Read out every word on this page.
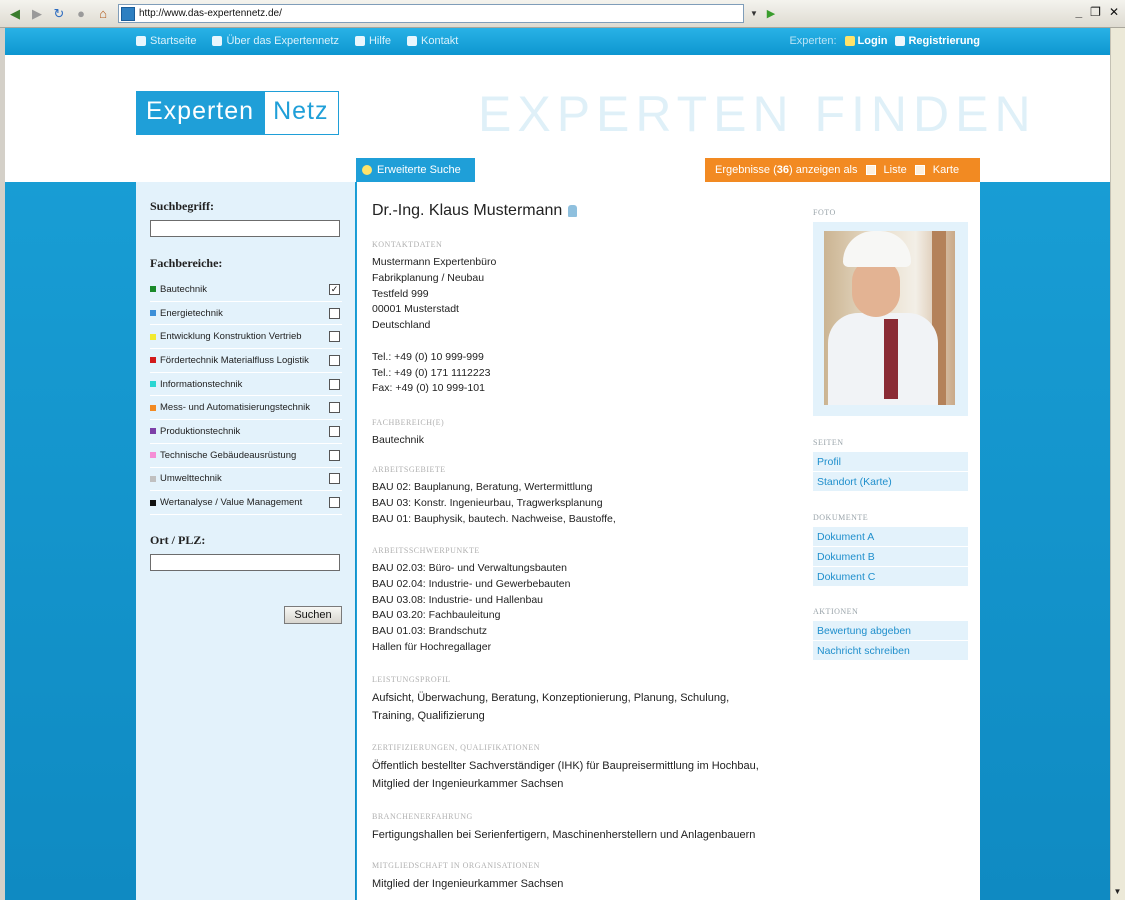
◀ ▶ ↻ ●	⌂	http://www.das-expertennetz.de/	▼ ▶	_ ❐ ✕
Startseite	Über das Expertennetz	Hilfe	Kontakt	Experten: Login Registrierung
Experten Netz	EXPERTEN FINDEN
Erweiterte Suche	Ergebnisse (36) anzeigen als Liste Karte
Suchbegriff:
Fachbereiche:
Bautechnik	✓
Energietechnik
Entwicklung Konstruktion Vertrieb
Fördertechnik Materialfluss Logistik
Informationstechnik
Mess- und Automatisierungstechnik
Produktionstechnik
Technische Gebäudeausrüstung
Umwelttechnik
Wertanalyse / Value Management
Ort / PLZ:
Suchen
Dr.-Ing. Klaus Mustermann
KONTAKTDATEN
Mustermann Expertenbüro
Fabrikplanung / Neubau
Testfeld 999
00001 Musterstadt
Deutschland

Tel.: +49 (0) 10 999-999
Tel.: +49 (0) 171 1112223
Fax: +49 (0) 10 999-101
FACHBEREICH(E)
Bautechnik
ARBEITSGEBIETE
BAU 02: Bauplanung, Beratung, Wertermittlung
BAU 03: Konstr. Ingenieurbau, Tragwerksplanung
BAU 01: Bauphysik, bautech. Nachweise, Baustoffe,
ARBEITSSCHWERPUNKTE
BAU 02.03: Büro- und Verwaltungsbauten
BAU 02.04: Industrie- und Gewerbebauten
BAU 03.08: Industrie- und Hallenbau
BAU 03.20: Fachbauleitung
BAU 01.03: Brandschutz
Hallen für Hochregallager
LEISTUNGSPROFIL
Aufsicht, Überwachung, Beratung, Konzeptionierung, Planung, Schulung,
Training, Qualifizierung
ZERTIFIZIERUNGEN, QUALIFIKATIONEN
Öffentlich bestellter Sachverständiger (IHK) für Baupreisermittlung im Hochbau,
Mitglied der Ingenieurkammer Sachsen
BRANCHENERFAHRUNG
Fertigungshallen bei Serienfertigern, Maschinenherstellern und Anlagenbauern
MITGLIEDSCHAFT IN ORGANISATIONEN
Mitglied der Ingenieurkammer Sachsen
FOTO
SEITEN
Profil
Standort (Karte)
DOKUMENTE
Dokument A
Dokument B
Dokument C
AKTIONEN
Bewertung abgeben
Nachricht schreiben
▼
